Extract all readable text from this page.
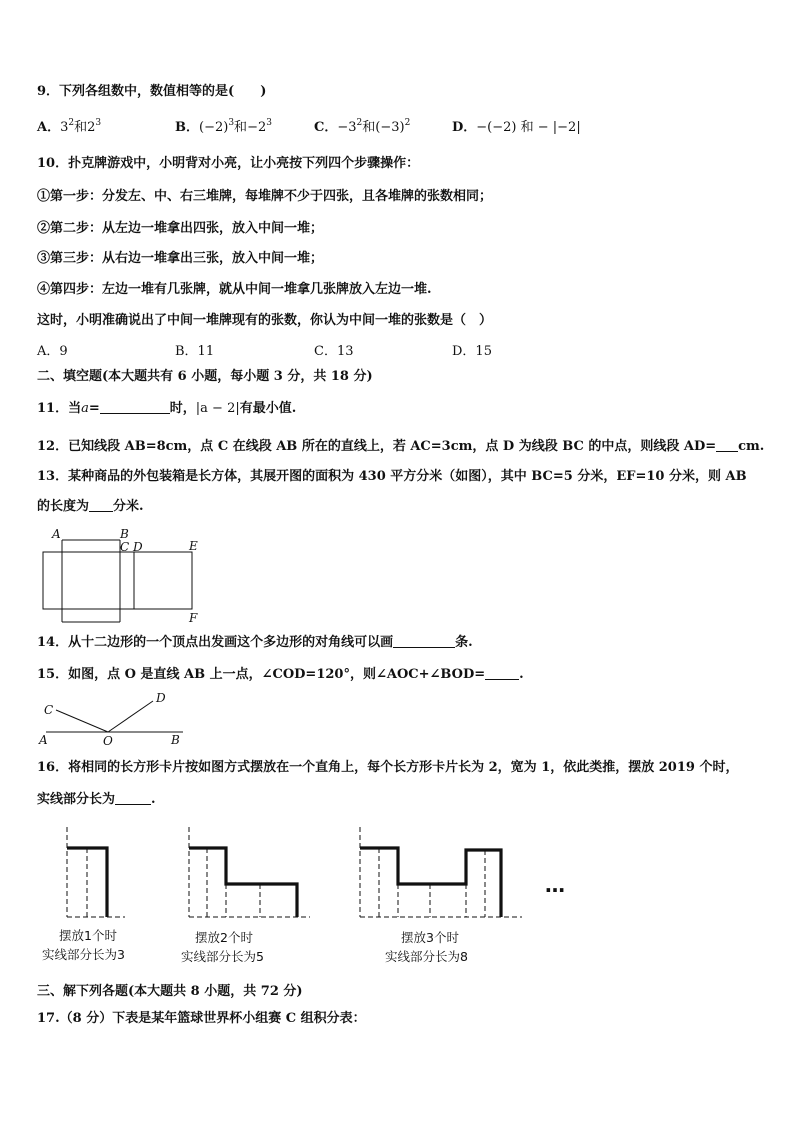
9．下列各组数中，数值相等的是(　　)
A．$3^2$和$2^3$	B．$(-2)^3$和$-2^3$	C．$-3^2$和$(-3)^2$	D．−(−2) 和 − |−2|
10．扑克牌游戏中，小明背对小亮，让小亮按下列四个步骤操作：
①第一步：分发左、中、右三堆牌，每堆牌不少于四张，且各堆牌的张数相同；
②第二步：从左边一堆拿出四张，放入中间一堆；
③第三步：从右边一堆拿出三张，放入中间一堆；
④第四步：左边一堆有几张牌，就从中间一堆拿几张牌放入左边一堆.
这时，小明准确说出了中间一堆牌现有的张数，你认为中间一堆的张数是（　）
A．9	B．11	C．13	D．15
二、填空题(本大题共有 6 小题，每小题 3 分，共 18 分)
11．当a=	时，|a − 2|有最小值.
12．已知线段 AB=8cm，点 C 在线段 AB 所在的直线上，若 AC=3cm，点 D 为线段 BC 的中点，则线段 AD= cm.
13．某种商品的外包装箱是长方体，其展开图的面积为 430 平方分米（如图），其中 BC=5 分米，EF=10 分米，则 AB
的长度为 分米.
A	B
C D	E
F
14．从十二边形的一个顶点出发画这个多边形的对角线可以画	条.
15．如图，点 O 是直线 AB 上一点，∠COD=120°，则∠AOC+∠BOD=	.
C
D
A	O	B
16．将相同的长方形卡片按如图方式摆放在一个直角上，每个长方形卡片长为 2，宽为 1，依此类推，摆放 2019 个时，
实线部分长为	.
摆放1个时
实线部分长为3
摆放2个时
实线部分长为5
摆放3个时
实线部分长为8
…
三、解下列各题(本大题共 8 小题，共 72 分)
17.（8 分）下表是某年篮球世界杯小组赛 C 组积分表：
